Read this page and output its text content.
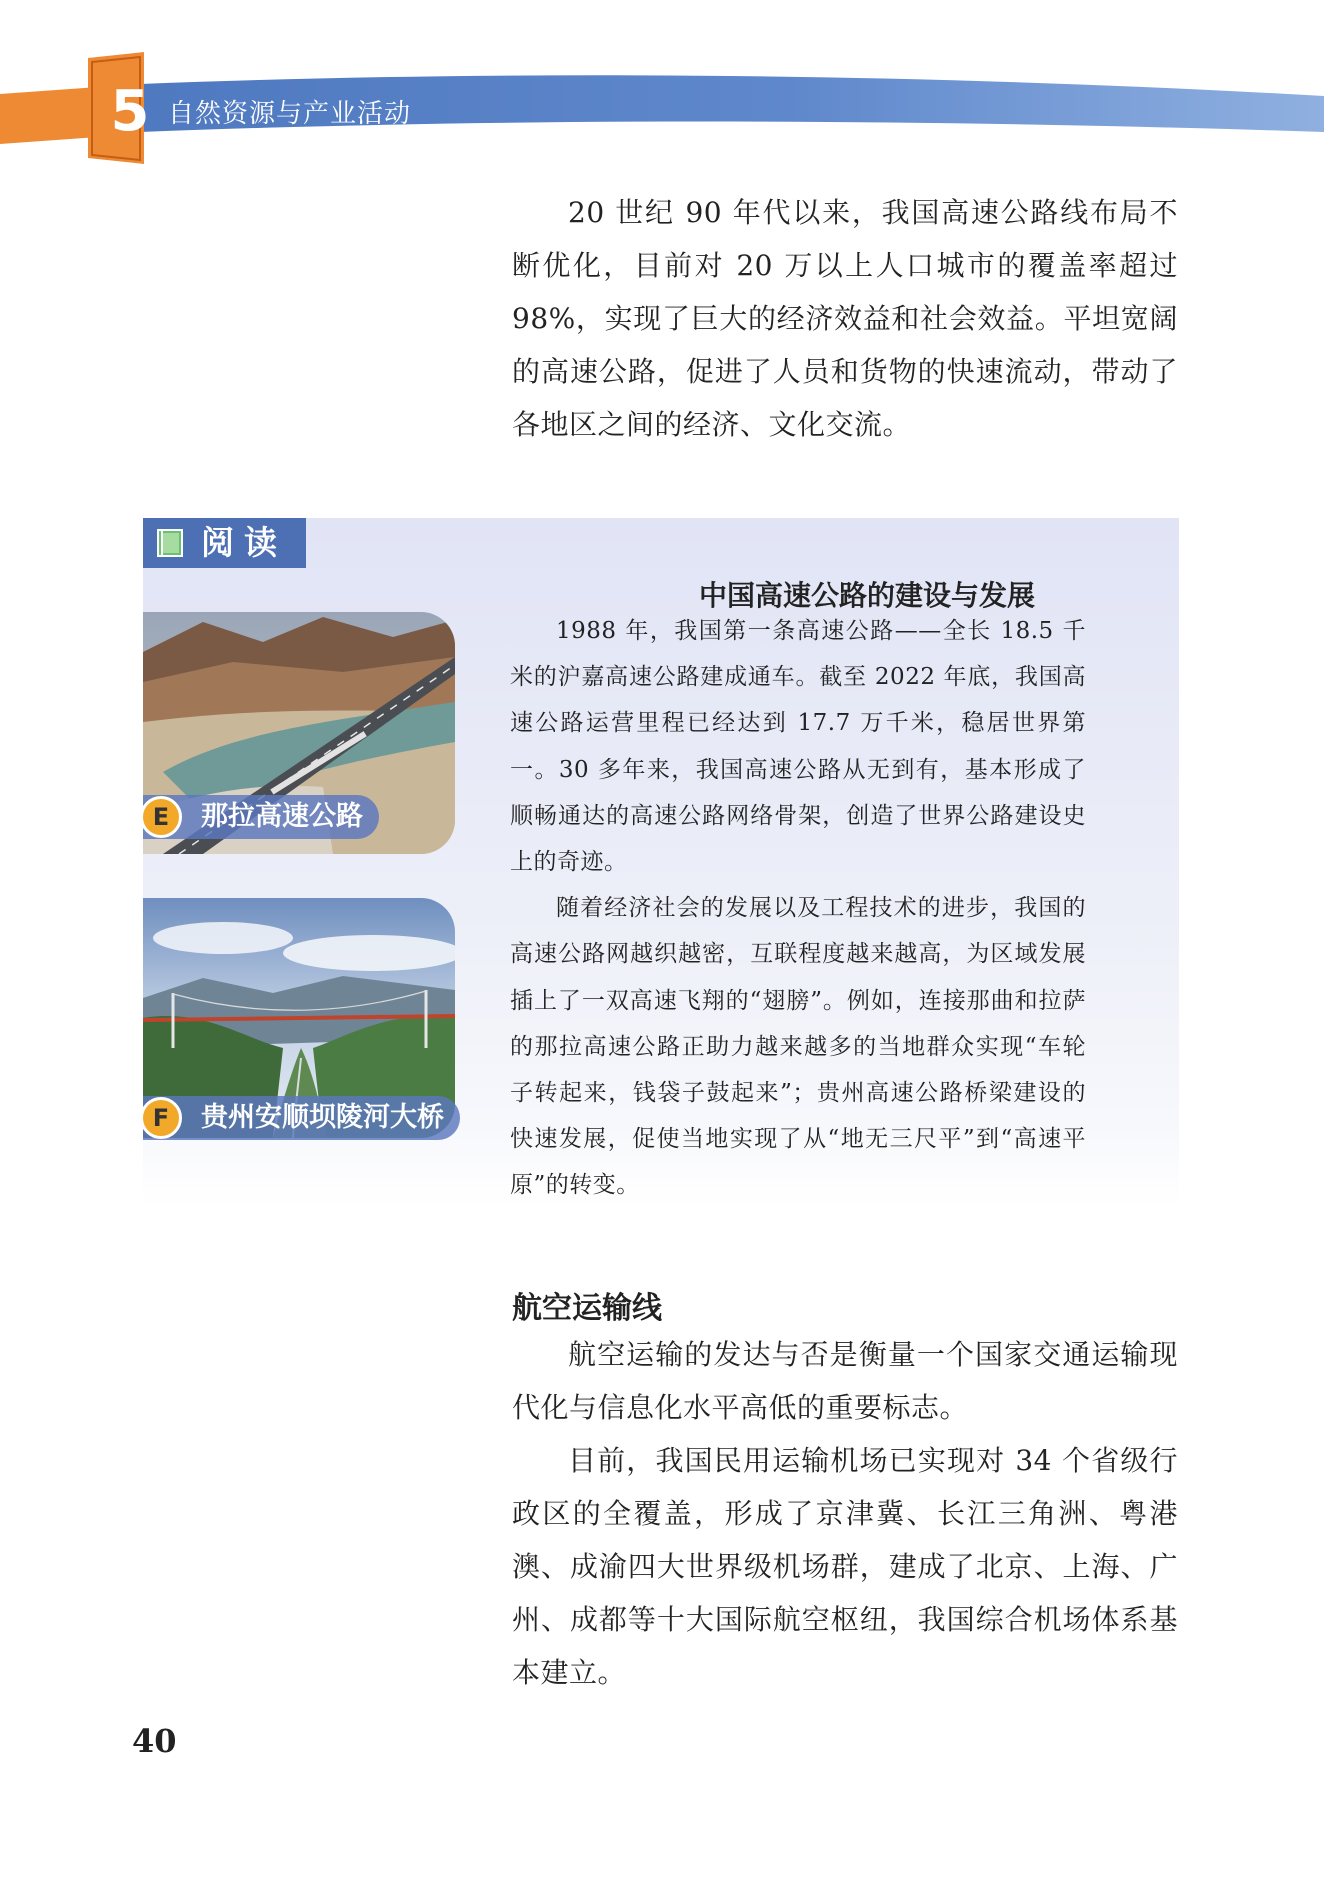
5 自然资源与产业活动

20 世纪 90 年代以来，我国高速公路线布局不断优化，目前对 20 万以上人口城市的覆盖率超过 98%，实现了巨大的经济效益和社会效益。平坦宽阔的高速公路，促进了人员和货物的快速流动，带动了各地区之间的经济、文化交流。

阅读
中国高速公路的建设与发展
那拉高速公路
E
贵州安顺坝陵河大桥
F

1988 年，我国第一条高速公路——全长 18.5 千米的沪嘉高速公路建成通车。截至 2022 年底，我国高速公路运营里程已经达到 17.7 万千米，稳居世界第一。30 多年来，我国高速公路从无到有，基本形成了顺畅通达的高速公路网络骨架，创造了世界公路建设史上的奇迹。

随着经济社会的发展以及工程技术的进步，我国的高速公路网越织越密，互联程度越来越高，为区域发展插上了一双高速飞翔的“翅膀”。例如，连接那曲和拉萨的那拉高速公路正助力越来越多的当地群众实现“车轮子转起来，钱袋子鼓起来”；贵州高速公路桥梁建设的快速发展，促使当地实现了从“地无三尺平”到“高速平原”的转变。

航空运输线

航空运输的发达与否是衡量一个国家交通运输现代化与信息化水平高低的重要标志。

目前，我国民用运输机场已实现对 34 个省级行政区的全覆盖，形成了京津冀、长江三角洲、粤港澳、成渝四大世界级机场群，建成了北京、上海、广州、成都等十大国际航空枢纽，我国综合机场体系基本建立。

40
